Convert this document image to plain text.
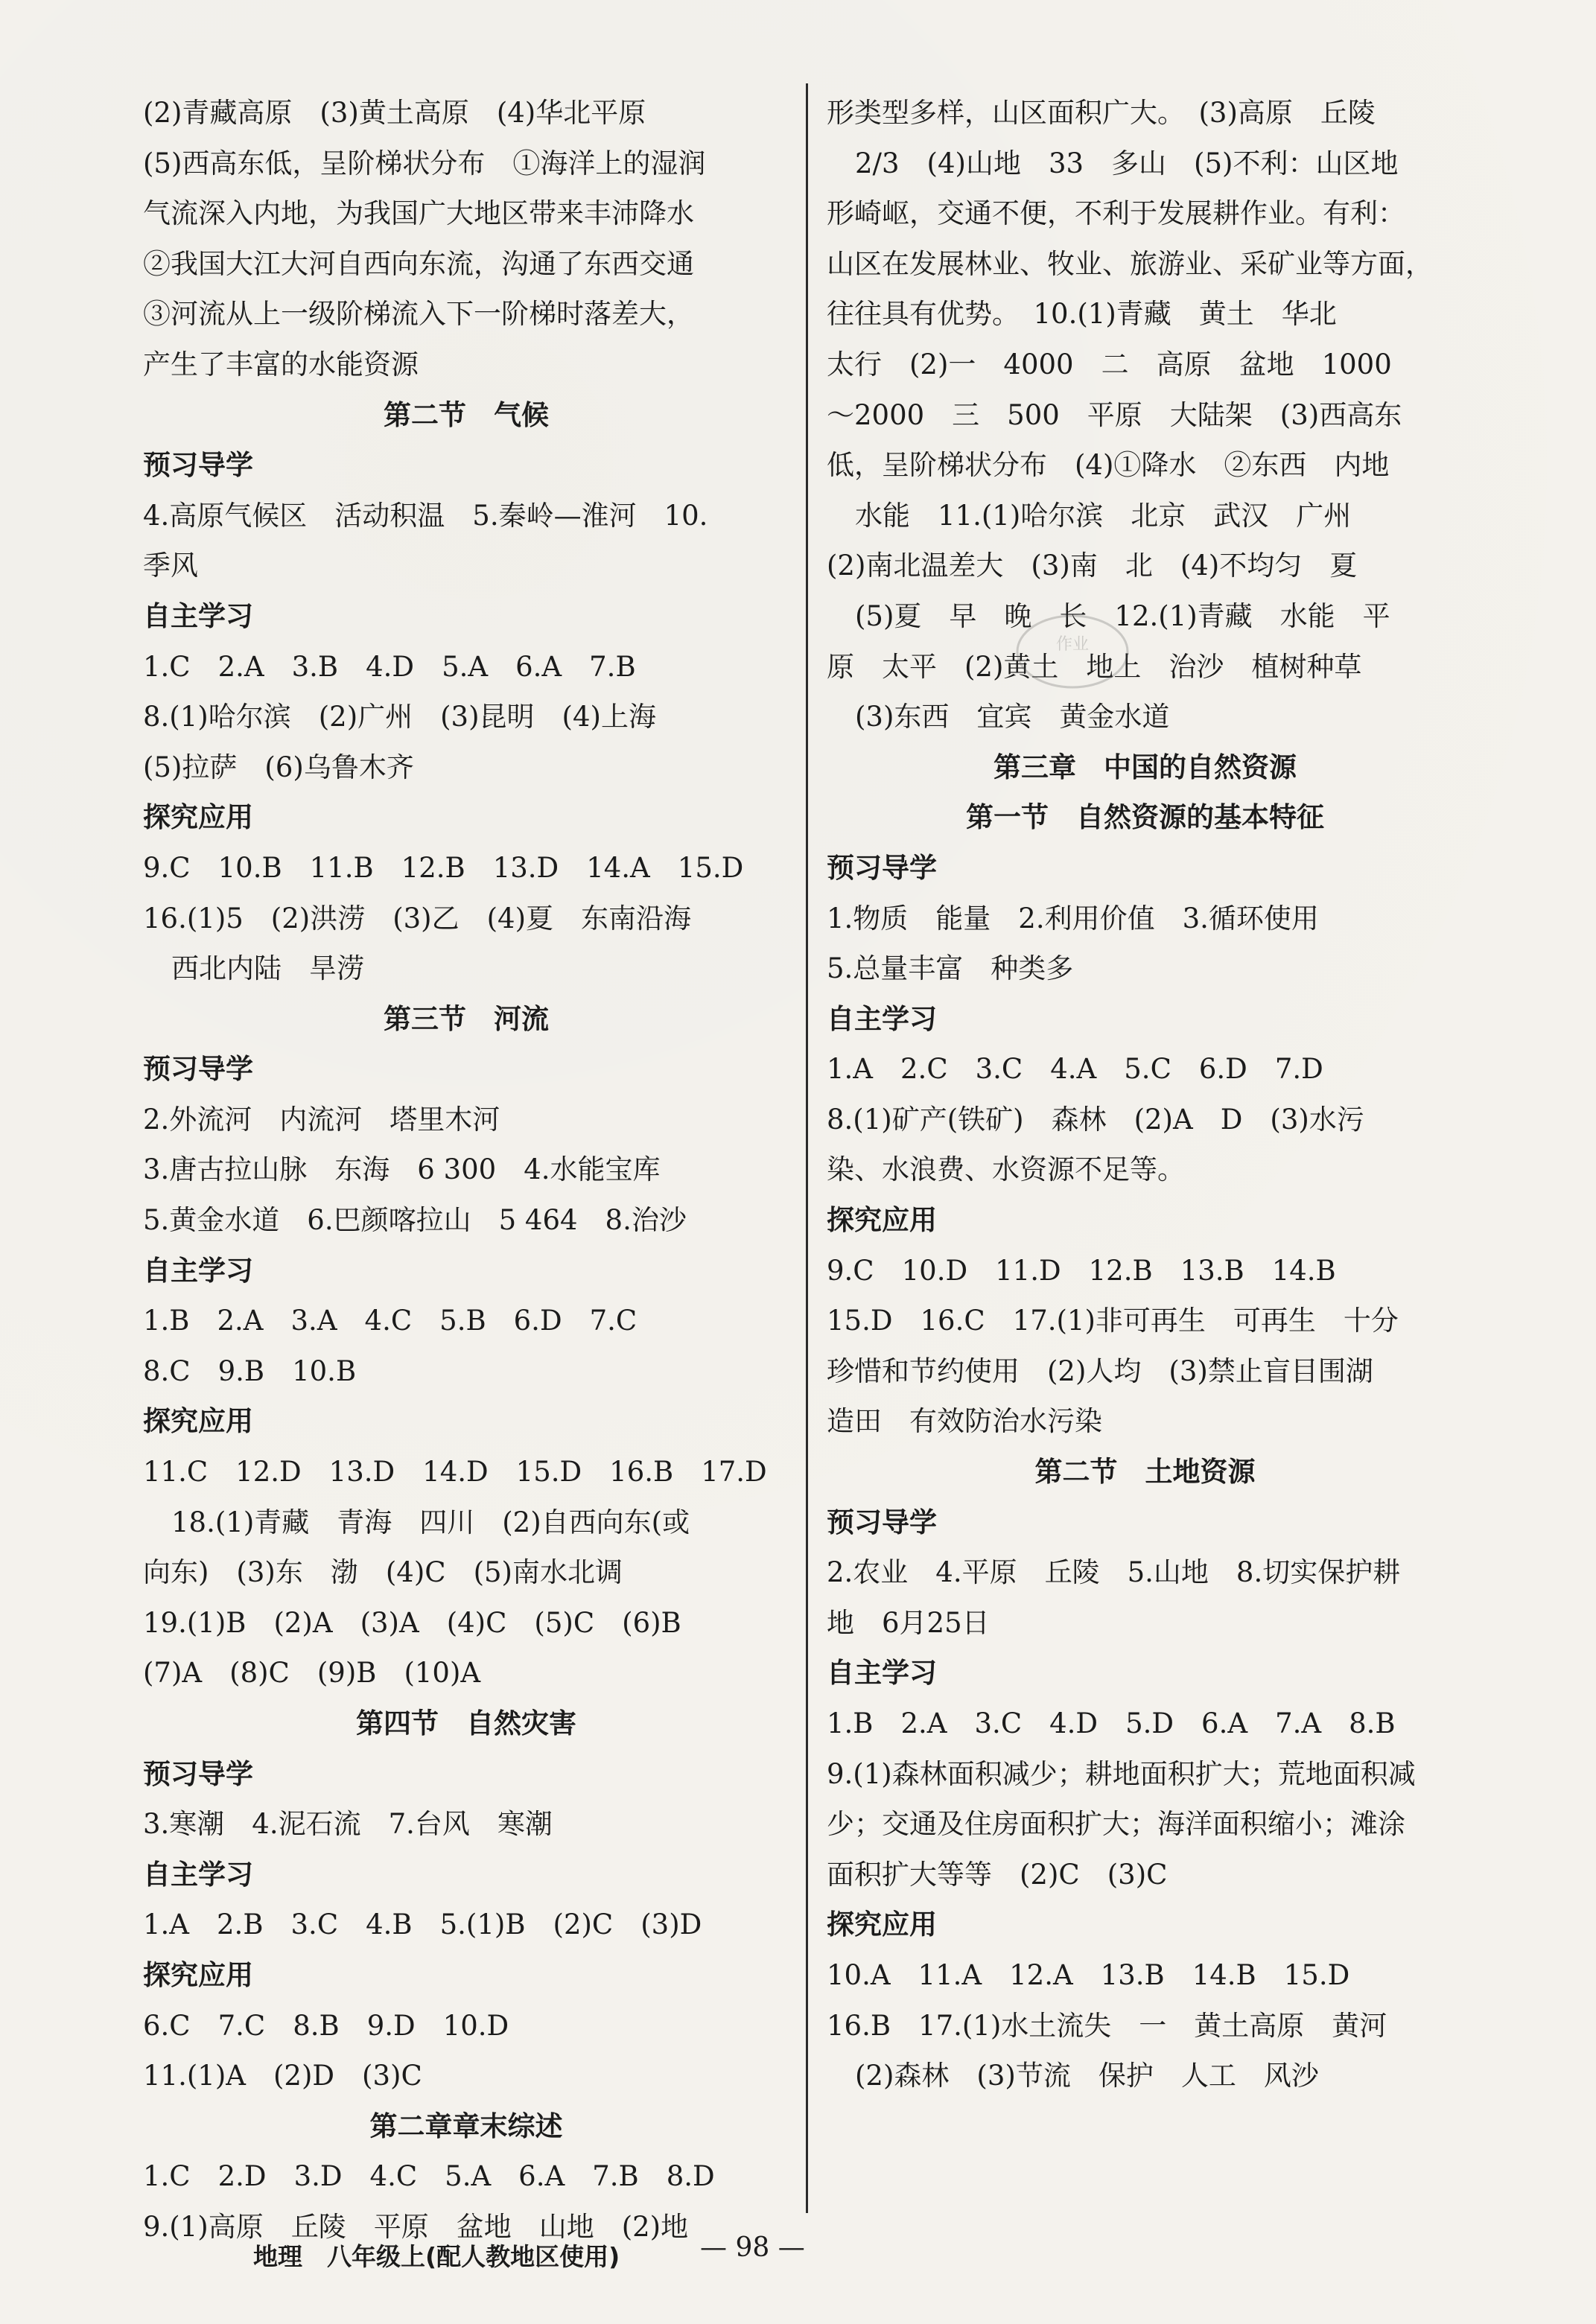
(2)青藏高原　(3)黄土高原　(4)华北平原
(5)西高东低，呈阶梯状分布　①海洋上的湿润
气流深入内地，为我国广大地区带来丰沛降水
②我国大江大河自西向东流，沟通了东西交通
③河流从上一级阶梯流入下一阶梯时落差大，
产生了丰富的水能资源
第二节　气候
预习导学
4.高原气候区　活动积温　5.秦岭—淮河　10.
季风
自主学习
1.C　2.A　3.B　4.D　5.A　6.A　7.B
8.(1)哈尔滨　(2)广州　(3)昆明　(4)上海
(5)拉萨　(6)乌鲁木齐
探究应用
9.C　10.B　11.B　12.B　13.D　14.A　15.D
16.(1)5　(2)洪涝　(3)乙　(4)夏　东南沿海
西北内陆　旱涝
第三节　河流
预习导学
2.外流河　内流河　塔里木河
3.唐古拉山脉　东海　6 300　4.水能宝库
5.黄金水道　6.巴颜喀拉山　5 464　8.治沙
自主学习
1.B　2.A　3.A　4.C　5.B　6.D　7.C
8.C　9.B　10.B
探究应用
11.C　12.D　13.D　14.D　15.D　16.B　17.D
18.(1)青藏　青海　四川　(2)自西向东(或
向东)　(3)东　渤　(4)C　(5)南水北调
19.(1)B　(2)A　(3)A　(4)C　(5)C　(6)B
(7)A　(8)C　(9)B　(10)A
第四节　自然灾害
预习导学
3.寒潮　4.泥石流　7.台风　寒潮
自主学习
1.A　2.B　3.C　4.B　5.(1)B　(2)C　(3)D
探究应用
6.C　7.C　8.B　9.D　10.D
11.(1)A　(2)D　(3)C
第二章章末综述
1.C　2.D　3.D　4.C　5.A　6.A　7.B　8.D
9.(1)高原　丘陵　平原　盆地　山地　(2)地
形类型多样，山区面积广大。　(3)高原　丘陵
2/3　(4)山地　33　多山　(5)不利：山区地
形崎岖，交通不便，不利于发展耕作业。有利：
山区在发展林业、牧业、旅游业、采矿业等方面，
往往具有优势。　10.(1)青藏　黄土　华北
太行　(2)一　4000　二　高原　盆地　1000
～2000　三　500　平原　大陆架　(3)西高东
低，呈阶梯状分布　(4)①降水　②东西　内地
水能　11.(1)哈尔滨　北京　武汉　广州
(2)南北温差大　(3)南　北　(4)不均匀　夏
(5)夏　早　晚　长　12.(1)青藏　水能　平
原　太平　(2)黄土　地上　治沙　植树种草
(3)东西　宜宾　黄金水道
第三章　中国的自然资源
第一节　自然资源的基本特征
预习导学
1.物质　能量　2.利用价值　3.循环使用
5.总量丰富　种类多
自主学习
1.A　2.C　3.C　4.A　5.C　6.D　7.D
8.(1)矿产(铁矿)　森林　(2)A　D　(3)水污
染、水浪费、水资源不足等。
探究应用
9.C　10.D　11.D　12.B　13.B　14.B
15.D　16.C　17.(1)非可再生　可再生　十分
珍惜和节约使用　(2)人均　(3)禁止盲目围湖
造田　有效防治水污染
第二节　土地资源
预习导学
2.农业　4.平原　丘陵　5.山地　8.切实保护耕
地　6月25日
自主学习
1.B　2.A　3.C　4.D　5.D　6.A　7.A　8.B
9.(1)森林面积减少；耕地面积扩大；荒地面积减
少；交通及住房面积扩大；海洋面积缩小；滩涂
面积扩大等等　(2)C　(3)C
探究应用
10.A　11.A　12.A　13.B　14.B　15.D
16.B　17.(1)水土流失　一　黄土高原　黄河
(2)森林　(3)节流　保护　人工　风沙
作业
地理　八年级上(配人教地区使用)	— 98 —
